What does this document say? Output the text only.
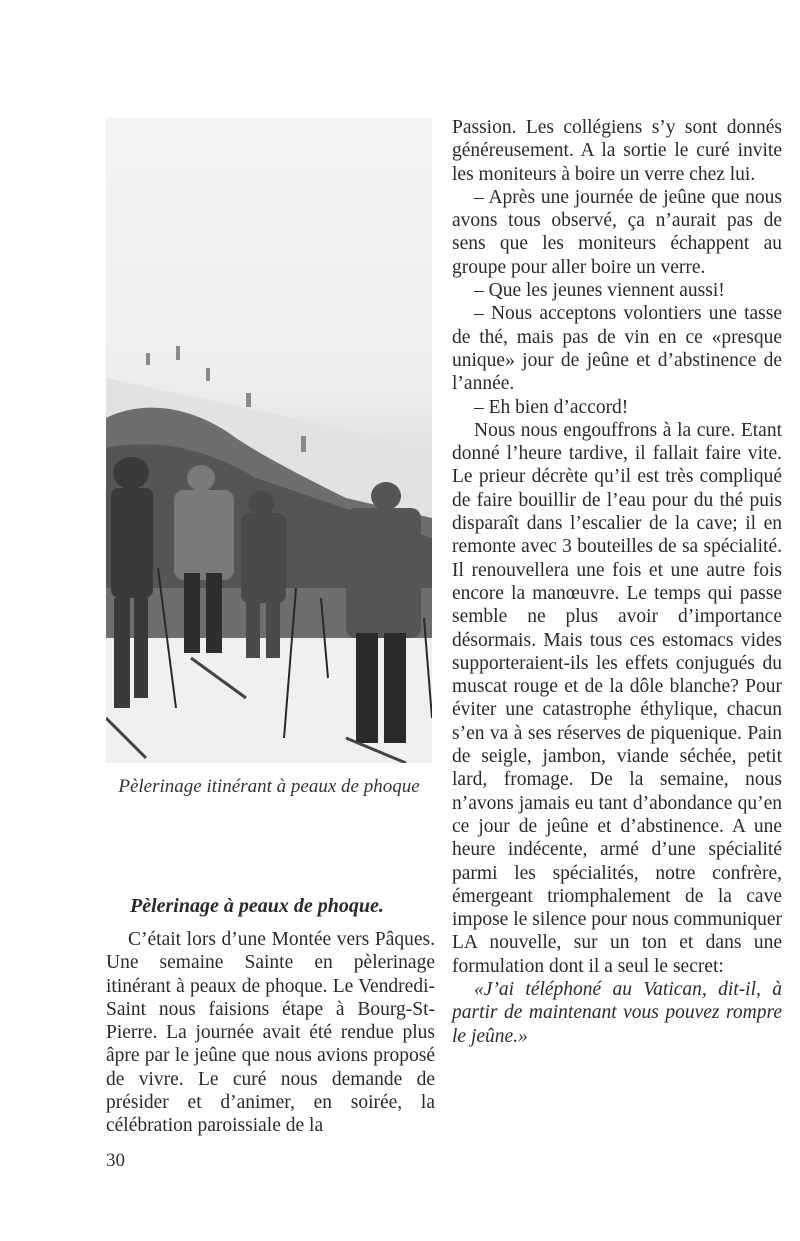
Pèlerinage itinérant à peaux de phoque
Pèlerinage à peaux de phoque.

C’était lors d’une Montée vers Pâques. Une semaine Sainte en pèlerinage itinérant à peaux de phoque. Le Vendredi-Saint nous faisions étape à Bourg-St-Pierre. La journée avait été rendue plus âpre par le jeûne que nous avions proposé de vivre. Le curé nous demande de présider et d’animer, en soirée, la célébration paroissiale de la

Passion. Les collégiens s’y sont donnés généreusement. A la sortie le curé invite les moniteurs à boire un verre chez lui.

– Après une journée de jeûne que nous avons tous observé, ça n’aurait pas de sens que les moniteurs échappent au groupe pour aller boire un verre.

– Que les jeunes viennent aussi!

– Nous acceptons volontiers une tasse de thé, mais pas de vin en ce «presque unique» jour de jeûne et d’abstinence de l’année.

– Eh bien d’accord!

Nous nous engouffrons à la cure. Etant donné l’heure tardive, il fallait faire vite. Le prieur décrète qu’il est très compliqué de faire bouillir de l’eau pour du thé puis disparaît dans l’escalier de la cave; il en remonte avec 3 bouteilles de sa spécialité. Il renouvellera une fois et une autre fois encore la manœuvre. Le temps qui passe semble ne plus avoir d’importance désormais. Mais tous ces estomacs vides supporteraient-ils les effets conjugués du muscat rouge et de la dôle blanche? Pour éviter une catastrophe éthylique, chacun s’en va à ses réserves de piquenique. Pain de seigle, jambon, viande séchée, petit lard, fromage. De la semaine, nous n’avons jamais eu tant d’abondance qu’en ce jour de jeûne et d’abstinence. A une heure indécente, armé d’une spécialité parmi les spécialités, notre confrère, émergeant triomphalement de la cave impose le silence pour nous communiquer LA nouvelle, sur un ton et dans une formulation dont il a seul le secret:

«J’ai téléphoné au Vatican, dit-il, à partir de maintenant vous pouvez rompre le jeûne.»

30
